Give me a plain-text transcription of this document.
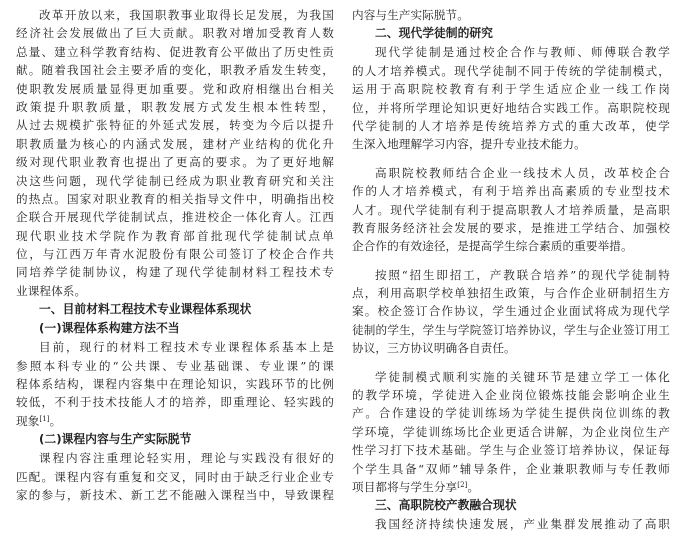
改革开放以来，我国职教事业取得长足发展，为我国
经济社会发展做出了巨大贡献。职教对增加受教育人数
总量、建立科学教育结构、促进教育公平做出了历史性贡
献。随着我国社会主要矛盾的变化，职教矛盾发生转变，
使职教发展质量显得更加重要。党和政府相继出台相关
政策提升职教质量，职教发展方式发生根本性转型，
从过去规模扩张特征的外延式发展，转变为今后以提升
职教质量为核心的内涵式发展，建材产业结构的优化升
级对现代职业教育也提出了更高的要求。为了更好地解
决这些问题，现代学徒制已经成为职业教育研究和关注
的热点。国家对职业教育的相关指导文件中，明确指出校
企联合开展现代学徒制试点，推进校企一体化育人。江西
现代职业技术学院作为教育部首批现代学徒制试点单
位，与江西万年青水泥股份有限公司签订了校企合作共
同培养学徒制协议，构建了现代学徒制材料工程技术专
业课程体系。
一、目前材料工程技术专业课程体系现状
(一)课程体系构建方法不当
目前，现行的材料工程技术专业课程体系基本上是
参照本科专业的“公共课、专业基础课、专业课”的课
程体系结构，课程内容集中在理论知识，实践环节的比例
较低，不利于技术技能人才的培养，即重理论、轻实践的
现象[1]。
(二)课程内容与生产实际脱节
课程内容注重理论轻实用，理论与实践没有很好的
匹配。课程内容有重复和交叉，同时由于缺乏行业企业专
家的参与，新技术、新工艺不能融入课程当中，导致课程
内容与生产实际脱节。
二、现代学徒制的研究
现代学徒制是通过校企合作与教师、师傅联合教学
的人才培养模式。现代学徒制不同于传统的学徒制模式，
运用于高职院校教育有利于学生适应企业一线工作岗
位，并将所学理论知识更好地结合实践工作。高职院校现
代学徒制的人才培养是传统培养方式的重大改革，使学
生深入地理解学习内容，提升专业技术能力。
高职院校教师结合企业一线技术人员，改革校企合
作的人才培养模式，有利于培养出高素质的专业型技术
人才。现代学徒制有利于提高职教人才培养质量，是高职
教育服务经济社会发展的要求，是推进工学结合、加强校
企合作的有效途径，是提高学生综合素质的重要举措。
按照“招生即招工，产教联合培养”的现代学徒制特
点，利用高职学校单独招生政策，与合作企业研制招生方
案。校企签订合作协议，学生通过企业面试将成为现代学
徒制的学生，学生与学院签订培养协议，学生与企业签订用工
协议，三方协议明确各自责任。
学徒制模式顺利实施的关键环节是建立学工一体化
的教学环境，学徒进入企业岗位锻炼技能会影响企业生
产。合作建设的学徒训练场为学徒生提供岗位训练的教
学环境，学徒训练场比企业更适合讲解，为企业岗位生产
性学习打下技术基础。学生与企业签订培养协议，保证每
个学生具备“双师”辅导条件，企业兼职教师与专任教师
项目都将与学生分享[2]。
三、高职院校产教融合现状
我国经济持续快速发展，产业集群发展推动了高职
